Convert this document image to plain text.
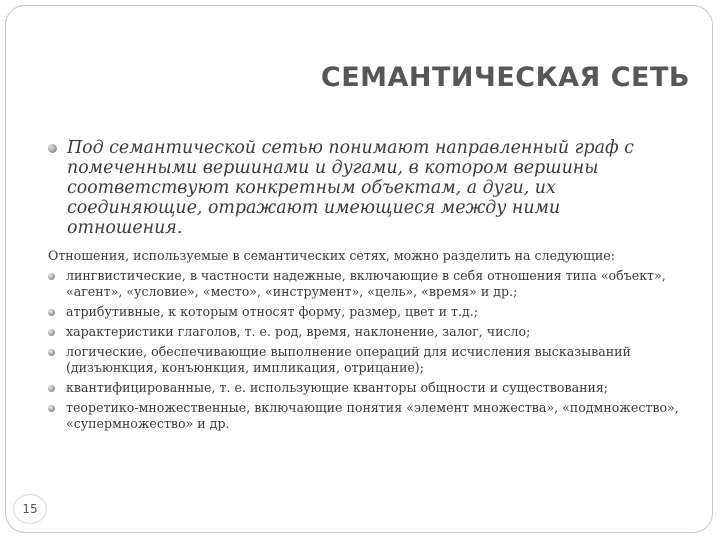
СЕМАНТИЧЕСКАЯ СЕТЬ
Под семантической сетью понимают направленный граф с помеченными вершинами и дугами, в котором вершины соответствуют конкретным объектам, а дуги, их соединяющие, отражают имеющиеся между ними отношения.
Отношения, используемые в семантических сетях, можно разделить на следующие:
лингвистические, в частности надежные, включающие в себя отношения типа «объект», «агент», «условие», «место», «инструмент», «цель», «время» и др.;
атрибутивные, к которым относят форму, размер, цвет и т.д.;
характеристики глаголов, т. е. род, время, наклонение, залог, число;
логические, обеспечивающие выполнение операций для исчисления высказываний (дизъюнкция, конъюнкция, импликация, отрицание);
квантифицированные, т. е. использующие кванторы общности и существования;
теоретико-множественные, включающие понятия «элемент множества», «подмножество», «супермножество» и др.
15
